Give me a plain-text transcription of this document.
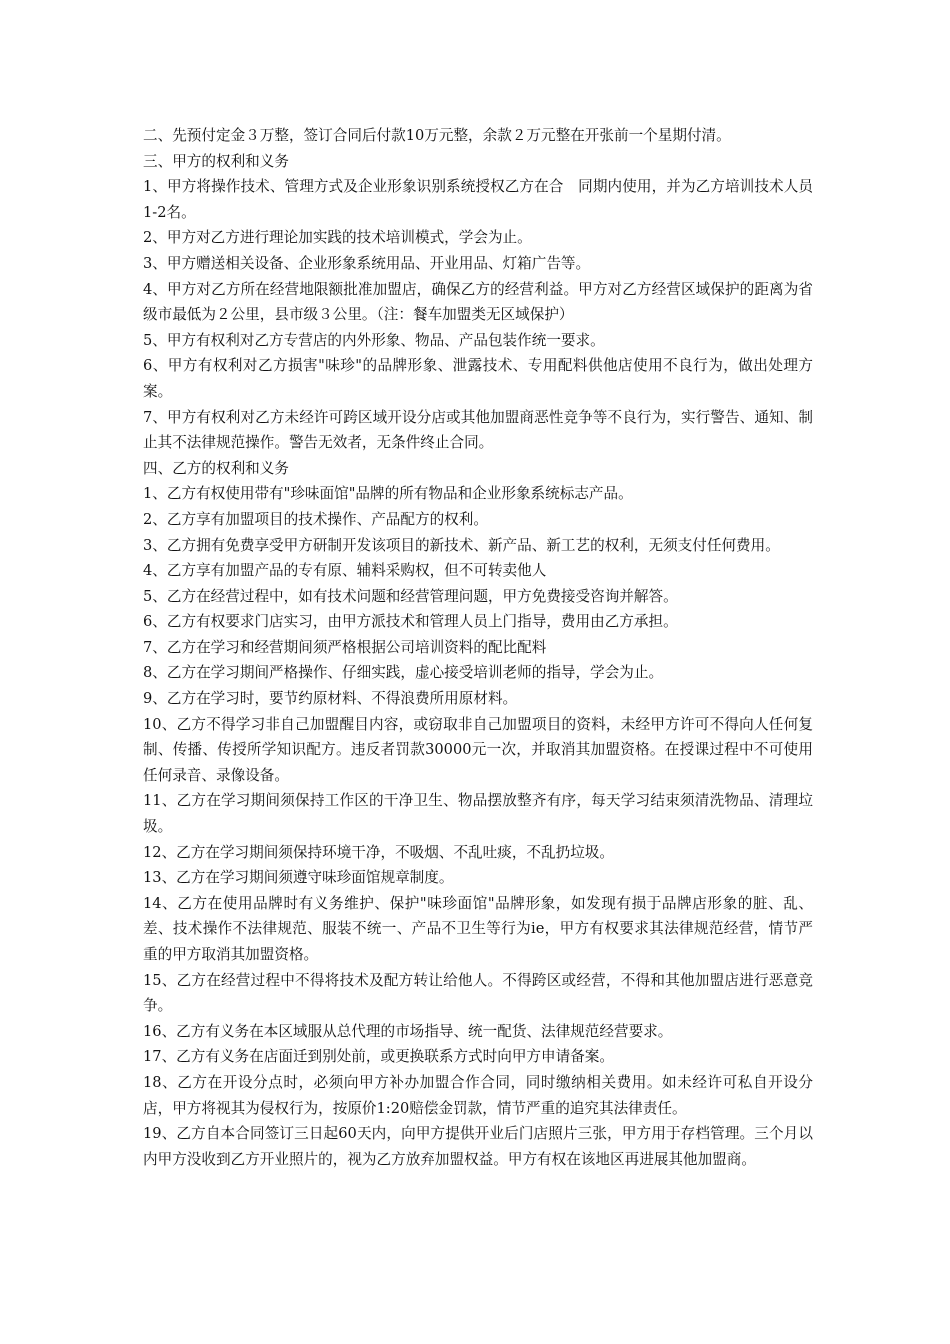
二、先预付定金３万整，签订合同后付款10万元整，余款２万元整在开张前一个星期付清。

三、甲方的权利和义务

1、甲方将操作技术、管理方式及企业形象识别系统授权乙方在合　同期内使用，并为乙方培训技术人员1-2名。

2、甲方对乙方进行理论加实践的技术培训模式，学会为止。

3、甲方赠送相关设备、企业形象系统用品、开业用品、灯箱广告等。

4、甲方对乙方所在经营地限额批准加盟店，确保乙方的经营利益。甲方对乙方经营区域保护的距离为省级市最低为２公里，县市级３公里。（注：餐车加盟类无区域保护）

5、甲方有权利对乙方专营店的内外形象、物品、产品包装作统一要求。

6、甲方有权利对乙方损害"味珍"的品牌形象、泄露技术、专用配料供他店使用不良行为，做出处理方案。

7、甲方有权利对乙方未经许可跨区域开设分店或其他加盟商恶性竞争等不良行为，实行警告、通知、制止其不法律规范操作。警告无效者，无条件终止合同。

四、乙方的权利和义务

1、乙方有权使用带有"珍味面馆"品牌的所有物品和企业形象系统标志产品。

2、乙方享有加盟项目的技术操作、产品配方的权利。

3、乙方拥有免费享受甲方研制开发该项目的新技术、新产品、新工艺的权利，无须支付任何费用。

4、乙方享有加盟产品的专有原、辅料采购权，但不可转卖他人

5、乙方在经营过程中，如有技术问题和经营管理问题，甲方免费接受咨询并解答。

6、乙方有权要求门店实习，由甲方派技术和管理人员上门指导，费用由乙方承担。

7、乙方在学习和经营期间须严格根据公司培训资料的配比配料

8、乙方在学习期间严格操作、仔细实践，虚心接受培训老师的指导，学会为止。

9、乙方在学习时，要节约原材料、不得浪费所用原材料。

10、乙方不得学习非自己加盟醒目内容，或窃取非自己加盟项目的资料，未经甲方许可不得向人任何复制、传播、传授所学知识配方。违反者罚款30000元一次，并取消其加盟资格。在授课过程中不可使用任何录音、录像设备。

11、乙方在学习期间须保持工作区的干净卫生、物品摆放整齐有序，每天学习结束须清洗物品、清理垃圾。

12、乙方在学习期间须保持环境干净，不吸烟、不乱吐痰，不乱扔垃圾。

13、乙方在学习期间须遵守味珍面馆规章制度。

14、乙方在使用品牌时有义务维护、保护"味珍面馆"品牌形象，如发现有损于品牌店形象的脏、乱、差、技术操作不法律规范、服装不统一、产品不卫生等行为ie，甲方有权要求其法律规范经营，情节严重的甲方取消其加盟资格。

15、乙方在经营过程中不得将技术及配方转让给他人。不得跨区或经营，不得和其他加盟店进行恶意竞争。

16、乙方有义务在本区域服从总代理的市场指导、统一配货、法律规范经营要求。

17、乙方有义务在店面迁到别处前，或更换联系方式时向甲方申请备案。

18、乙方在开设分点时，必须向甲方补办加盟合作合同，同时缴纳相关费用。如未经许可私自开设分店，甲方将视其为侵权行为，按原价1:20赔偿金罚款，情节严重的追究其法律责任。

19、乙方自本合同签订三日起60天内，向甲方提供开业后门店照片三张，甲方用于存档管理。三个月以内甲方没收到乙方开业照片的，视为乙方放弃加盟权益。甲方有权在该地区再进展其他加盟商。
